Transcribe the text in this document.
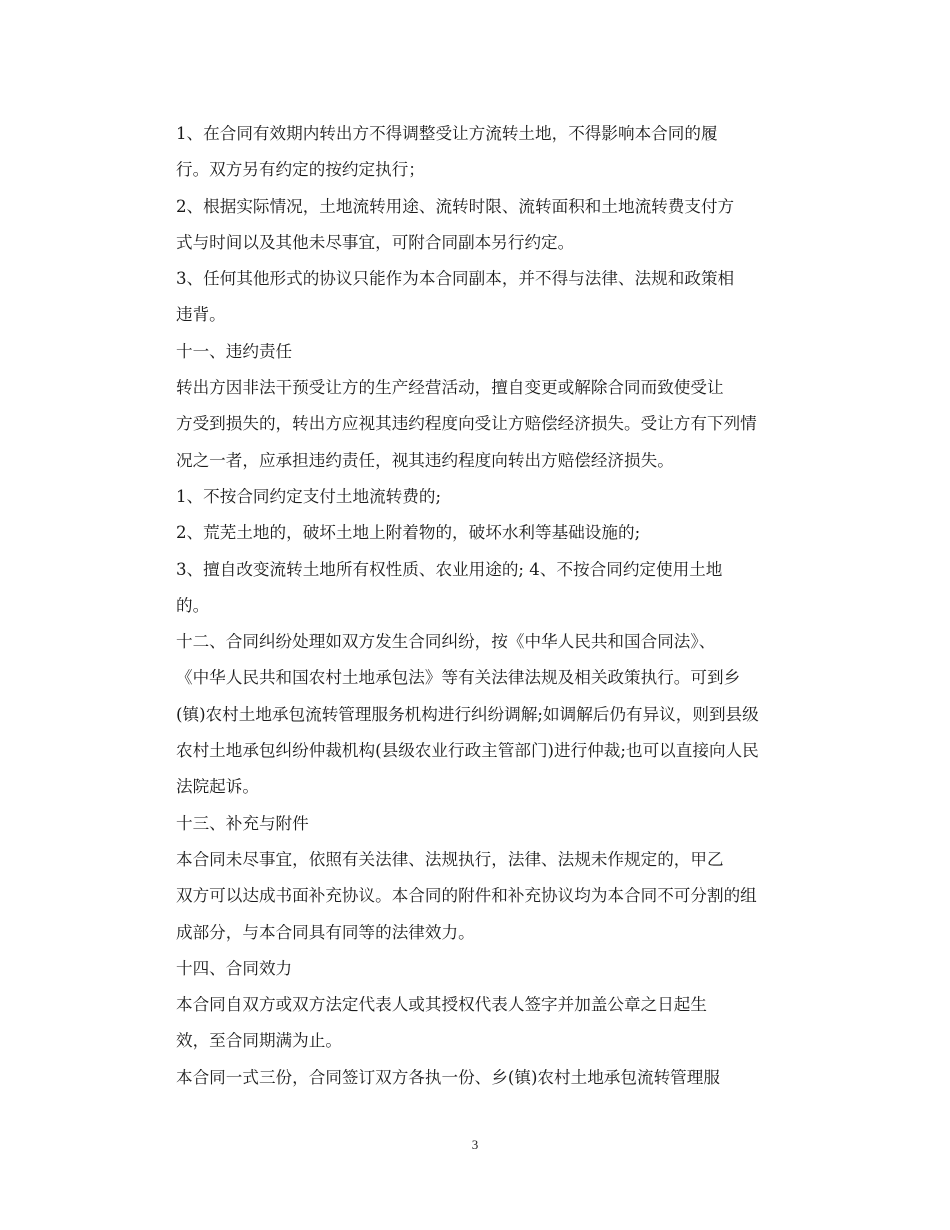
1、在合同有效期内转出方不得调整受让方流转土地，不得影响本合同的履
行。双方另有约定的按约定执行；

2、根据实际情况，土地流转用途、流转时限、流转面积和土地流转费支付方
式与时间以及其他未尽事宜，可附合同副本另行约定。

3、任何其他形式的协议只能作为本合同副本，并不得与法律、法规和政策相
违背。

十一、违约责任

转出方因非法干预受让方的生产经营活动，擅自变更或解除合同而致使受让
方受到损失的，转出方应视其违约程度向受让方赔偿经济损失。受让方有下列情
况之一者，应承担违约责任，视其违约程度向转出方赔偿经济损失。

1、不按合同约定支付土地流转费的;

2、荒芜土地的，破坏土地上附着物的，破坏水利等基础设施的;

3、擅自改变流转土地所有权性质、农业用途的; 4、不按合同约定使用土地
的。

十二、合同纠纷处理如双方发生合同纠纷，按《中华人民共和国合同法》、
《中华人民共和国农村土地承包法》等有关法律法规及相关政策执行。可到乡
(镇)农村土地承包流转管理服务机构进行纠纷调解;如调解后仍有异议，则到县级
农村土地承包纠纷仲裁机构(县级农业行政主管部门)进行仲裁;也可以直接向人民
法院起诉。

十三、补充与附件

本合同未尽事宜，依照有关法律、法规执行，法律、法规未作规定的，甲乙
双方可以达成书面补充协议。本合同的附件和补充协议均为本合同不可分割的组
成部分，与本合同具有同等的法律效力。

十四、合同效力

本合同自双方或双方法定代表人或其授权代表人签字并加盖公章之日起生
效，至合同期满为止。

本合同一式三份，合同签订双方各执一份、乡(镇)农村土地承包流转管理服

3
